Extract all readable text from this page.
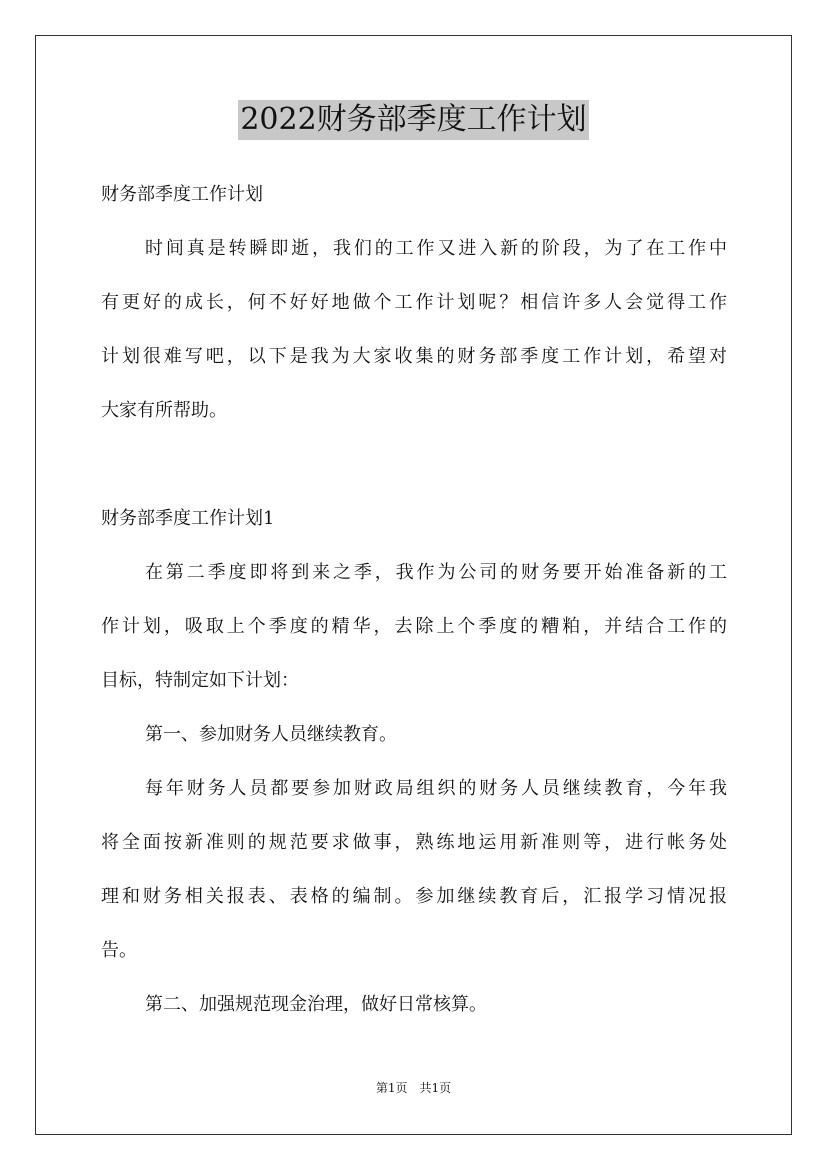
2022财务部季度工作计划
财务部季度工作计划
时间真是转瞬即逝，我们的工作又进入新的阶段，为了在工作中
有更好的成长，何不好好地做个工作计划呢？相信许多人会觉得工作
计划很难写吧，以下是我为大家收集的财务部季度工作计划，希望对
大家有所帮助。
财务部季度工作计划1
在第二季度即将到来之季，我作为公司的财务要开始准备新的工
作计划，吸取上个季度的精华，去除上个季度的糟粕，并结合工作的
目标，特制定如下计划：
第一、参加财务人员继续教育。
每年财务人员都要参加财政局组织的财务人员继续教育，今年我
将全面按新准则的规范要求做事，熟练地运用新准则等，进行帐务处
理和财务相关报表、表格的编制。参加继续教育后，汇报学习情况报
告。
第二、加强规范现金治理，做好日常核算。
第1页　共1页
